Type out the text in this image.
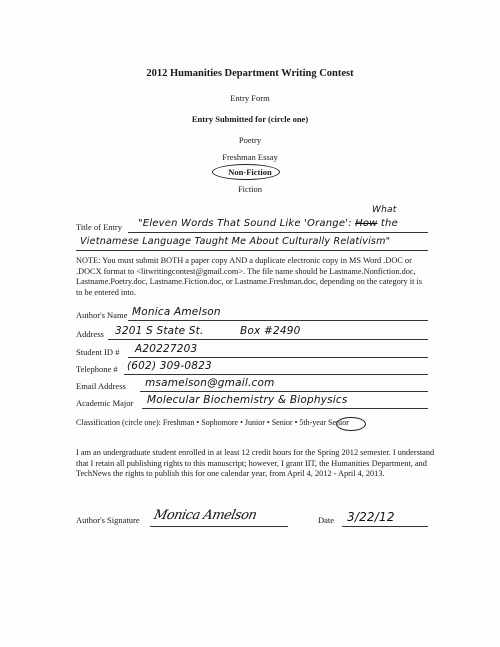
2012 Humanities Department Writing Contest
Entry Form
Entry Submitted for (circle one)
Poetry
Freshman Essay
Non-Fiction
Fiction
Title of Entry "Eleven Words That Sound Like 'Orange': How the
What
Vietnamese Language Taught Me About Culturally Relativism"
NOTE: You must submit BOTH a paper copy AND a duplicate electronic copy in MS Word .DOC or .DOCX format to <litwritingcontest@gmail.com>. The file name should be Lastname.Nonfiction.doc, Lastname.Poetry.doc, Lastname.Fiction.doc, or Lastname.Freshman.doc, depending on the category it is to be entered into.
Author's Name Monica Amelson
Address 3201 S State St.	Box #2490
Student ID # A20227203
Telephone # (602) 309-0823
Email Address msamelson@gmail.com
Academic Major Molecular Biochemistry & Biophysics
Classification (circle one): Freshman • Sophomore • Junior • Senior • 5th-year Senior
I am an undergraduate student enrolled in at least 12 credit hours for the Spring 2012 semester. I understand that I retain all publishing rights to this manuscript; however, I grant IIT, the Humanities Department, and TechNews the rights to publish this for one calendar year, from April 4, 2012 - April 4, 2013.
Author's Signature Monica Amelson	Date 3/22/12
